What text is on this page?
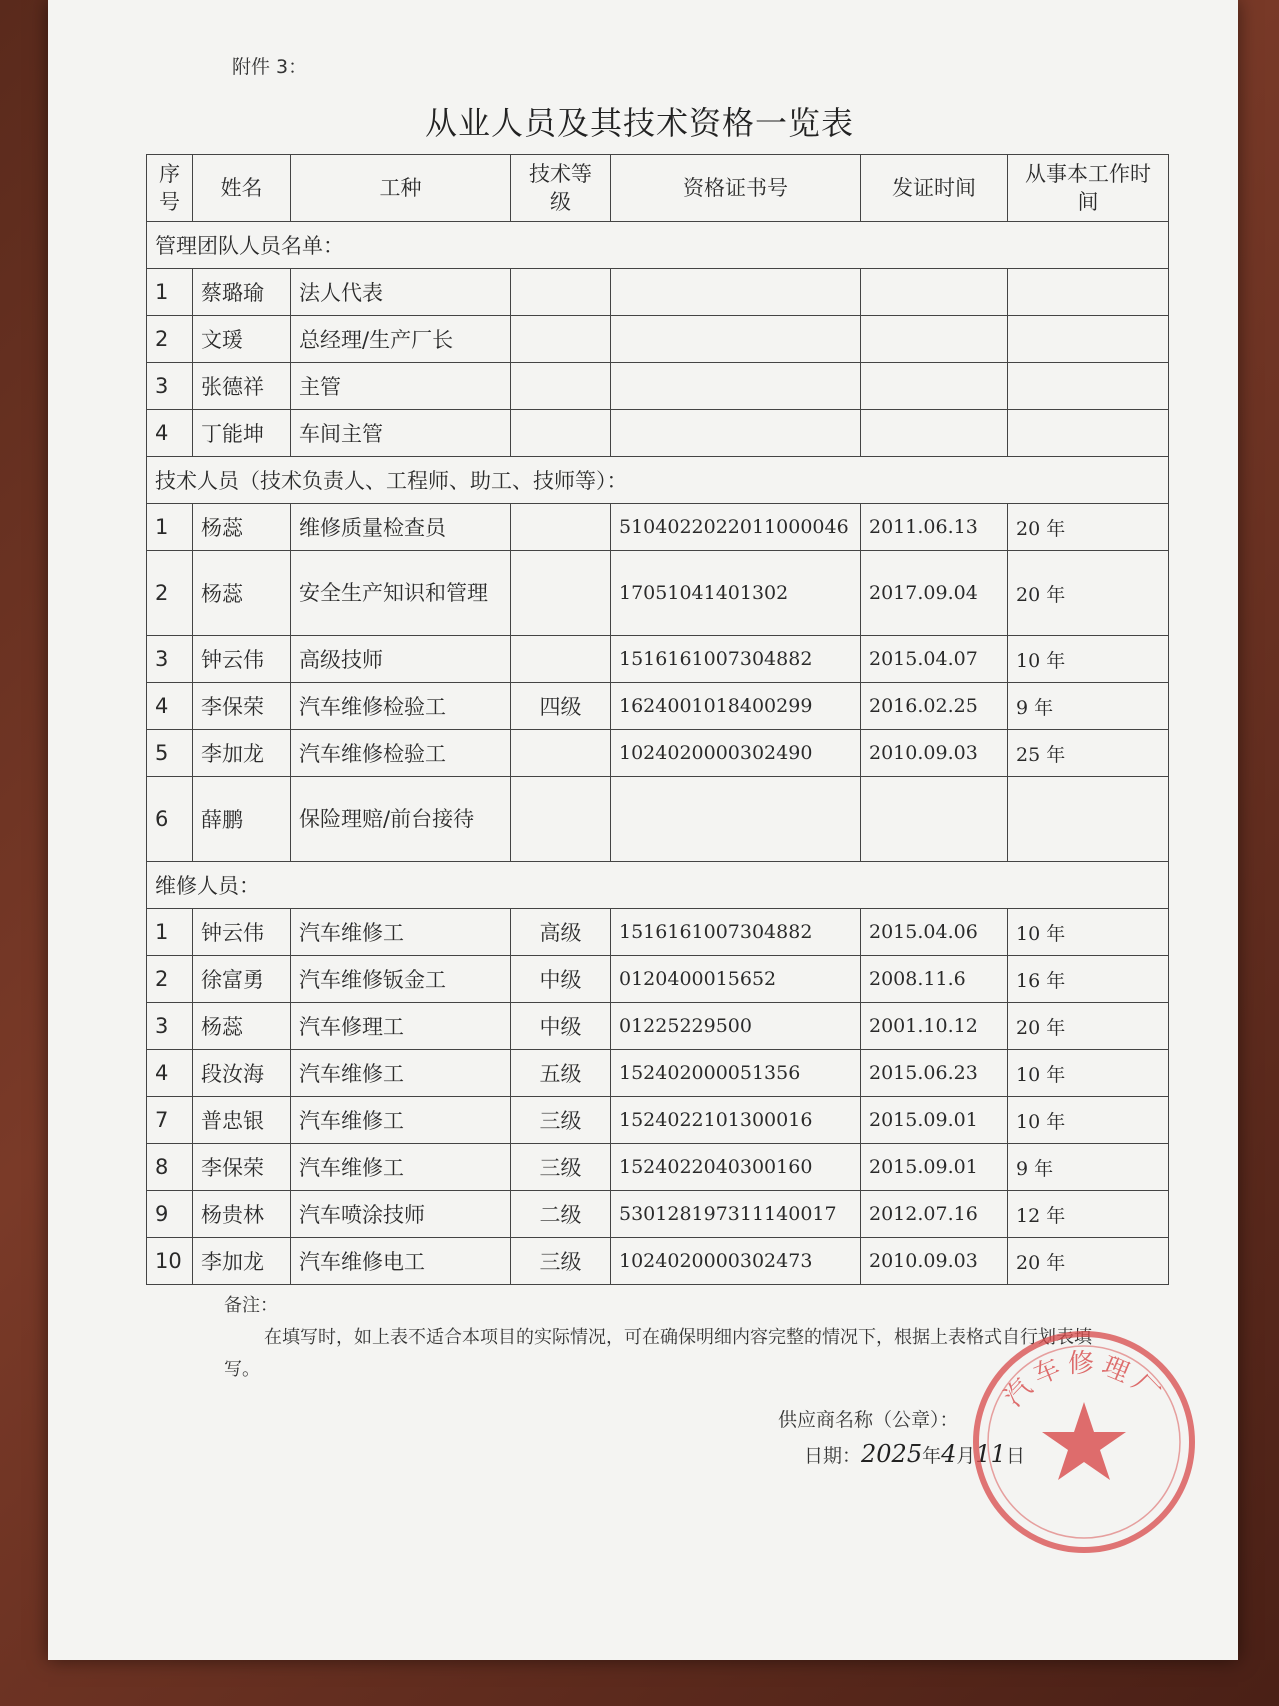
附件 3：
从业人员及其技术资格一览表
序号	姓名	工种	技术等级	资格证书号	发证时间	从事本工作时间
管理团队人员名单：						
1	蔡璐瑜	法人代表				
2	文瑗	总经理/生产厂长				
3	张德祥	主管				
4	丁能坤	车间主管				
技术人员（技术负责人、工程师、助工、技师等）：						
1	杨蕊	维修质量检查员		5104022022011000046	2011.06.13	20 年
2	杨蕊	安全生产知识和管理		17051041401302	2017.09.04	20 年
3	钟云伟	高级技师		1516161007304882	2015.04.07	10 年
4	李保荣	汽车维修检验工	四级	1624001018400299	2016.02.25	9 年
5	李加龙	汽车维修检验工		1024020000302490	2010.09.03	25 年
6	薛鹏	保险理赔/前台接待				
维修人员：						
1	钟云伟	汽车维修工	高级	1516161007304882	2015.04.06	10 年
2	徐富勇	汽车维修钣金工	中级	0120400015652	2008.11.6	16 年
3	杨蕊	汽车修理工	中级	01225229500	2001.10.12	20 年
4	段汝海	汽车维修工	五级	152402000051356	2015.06.23	10 年
7	普忠银	汽车维修工	三级	1524022101300016	2015.09.01	10 年
8	李保荣	汽车维修工	三级	1524022040300160	2015.09.01	9 年
9	杨贵林	汽车喷涂技师	二级	530128197311140017	2012.07.16	12 年
10	李加龙	汽车维修电工	三级	1024020000302473	2010.09.03	20 年
备注：
在填写时，如上表不适合本项目的实际情况，可在确保明细内容完整的情况下，根据上表格式自行划表填写。
供应商名称（公章）：
日期：2025年4月11日
汽车修理厂
